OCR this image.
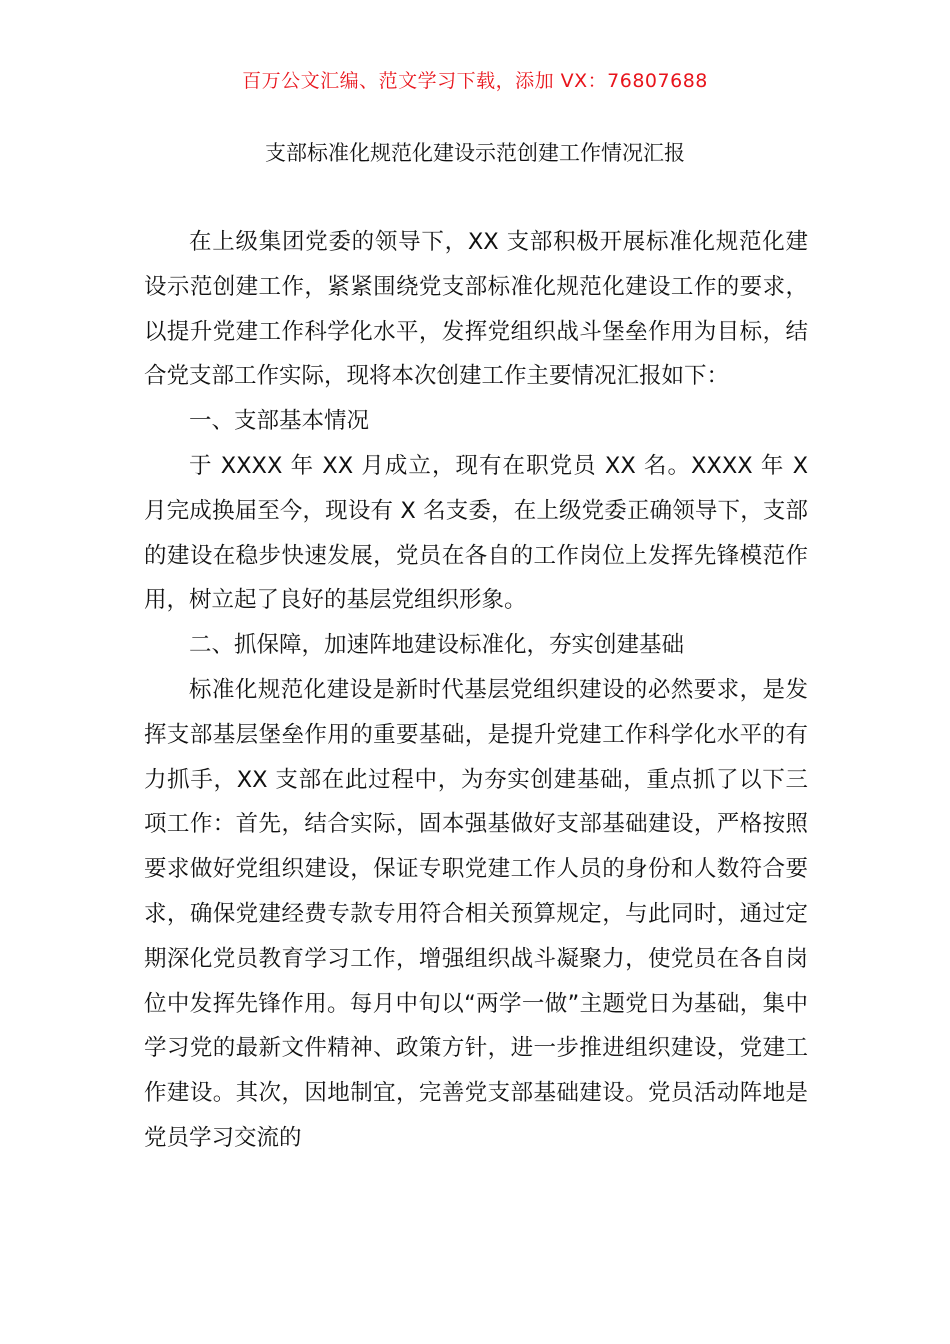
百万公文汇编、范文学习下载，添加 VX：76807688
支部标准化规范化建设示范创建工作情况汇报

在上级集团党委的领导下，XX 支部积极开展标准化规范化建设示范创建工作，紧紧围绕党支部标准化规范化建设工作的要求，以提升党建工作科学化水平，发挥党组织战斗堡垒作用为目标，结合党支部工作实际，现将本次创建工作主要情况汇报如下：

一、支部基本情况

于 XXXX 年 XX 月成立，现有在职党员 XX 名。XXXX 年 X 月完成换届至今，现设有 X 名支委，在上级党委正确领导下，支部的建设在稳步快速发展，党员在各自的工作岗位上发挥先锋模范作用，树立起了良好的基层党组织形象。

二、抓保障，加速阵地建设标准化，夯实创建基础

标准化规范化建设是新时代基层党组织建设的必然要求，是发挥支部基层堡垒作用的重要基础，是提升党建工作科学化水平的有力抓手，XX 支部在此过程中，为夯实创建基础，重点抓了以下三项工作：首先，结合实际，固本强基做好支部基础建设，严格按照要求做好党组织建设，保证专职党建工作人员的身份和人数符合要求，确保党建经费专款专用符合相关预算规定，与此同时，通过定期深化党员教育学习工作，增强组织战斗凝聚力，使党员在各自岗位中发挥先锋作用。每月中旬以“两学一做”主题党日为基础，集中学习党的最新文件精神、政策方针，进一步推进组织建设，党建工作建设。其次，因地制宜，完善党支部基础建设。党员活动阵地是党员学习交流的
